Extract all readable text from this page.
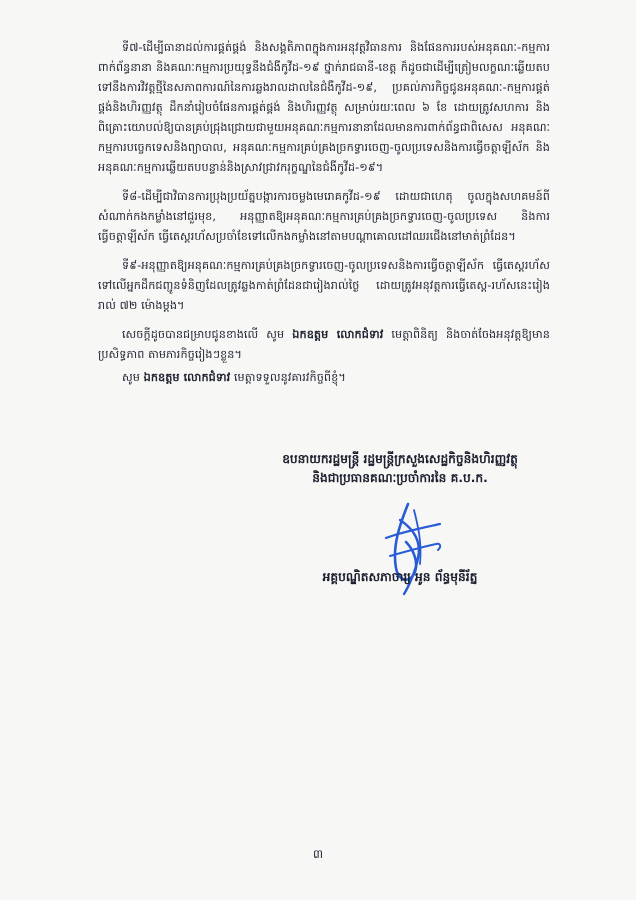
ទី៧-ដើម្បីធានាដល់ការផ្គត់ផ្គង់ និងសង្គតិភាពក្នុងការអនុវត្តវិធានការ និងផែនការរបស់អនុគណៈ-កម្មការពាក់ព័ន្ធនានា និងគណៈកម្មការប្រយុទ្ធនឹងជំងឺកូវីដ-១៩ ថ្នាក់រាជធានី-ខេត្ត ក៏ដូចជាដើម្បីត្រៀមលក្ខណៈឆ្លើយតបទៅនឹងការវិវត្តថ្មីនៃសភាពការណ៍នៃការឆ្លងរាលដាលនៃជំងឺកូវីដ-១៩, ប្រគល់ភារកិច្ចជូនអនុគណៈ-កម្មការផ្គត់ផ្គង់និងហិរញ្ញវត្ថុ ដឹកនាំរៀបចំផែនការផ្គត់ផ្គង់ និងហិរញ្ញវត្ថុ សម្រាប់រយៈពេល ៦ ខែ ដោយត្រូវសហការ និងពិគ្រោះយោបល់ឱ្យបានគ្រប់ជ្រុងជ្រោយជាមួយអនុគណៈកម្មការនានាដែលមានការពាក់ព័ន្ធជាពិសេស អនុគណៈកម្មការបច្ចេកទេសនិងព្យាបាល, អនុគណៈកម្មការគ្រប់គ្រងច្រកទ្វារចេញ-ចូលប្រទេសនិងការធ្វើចត្តាឡីស័ក និងអនុគណៈកម្មការឆ្លើយតបបន្ទាន់និងស្រាវជ្រាវករុក្ខណ្ឌនៃជំងឺកូវីដ-១៩។

ទី៨-ដើម្បីជាវិធានការប្រុងប្រយ័ត្នបង្ការការចម្លងមេរោគកូវីដ-១៩ ដោយជាហេតុ ចូលក្នុងសហគមន៍ពីសំណាក់កងកម្លាំងនៅជួរមុខ, អនុញ្ញាតឱ្យអនុគណៈកម្មការគ្រប់គ្រងច្រកទ្វារចេញ-ចូលប្រទេស និងការធ្វើចត្តាឡីស័ក ធ្វើតេស្តរហ័សប្រចាំខែទៅលើកងកម្លាំងនៅតាមបណ្តាគោលដៅឈរជើងនៅមាត់ព្រំដែន។

ទី៩-អនុញ្ញាតឱ្យអនុគណៈកម្មការគ្រប់គ្រងច្រកទ្វារចេញ-ចូលប្រទេសនិងការធ្វើចត្តាឡីស័ក ធ្វើតេស្តរហ័សទៅលើអ្នកដឹកជញ្ជូនទំនិញដែលត្រូវឆ្លងកាត់ព្រំដែនជារៀងរាល់ថ្ងៃ ដោយត្រូវអនុវត្តការធ្វើតេស្ត-រហ័សនេះរៀងរាល់ ៧២ ម៉ោងម្ដង។

សេចក្តីដូចបានជម្រាបជូនខាងលើ សូម ឯកឧត្តម លោកជំទាវ មេត្តាពិនិត្យ និងចាត់ចែងអនុវត្តឱ្យមានប្រសិទ្ធភាព តាមភារកិច្ចរៀងៗខ្លួន។

សូម ឯកឧត្តម លោកជំទាវ មេត្តាទទួលនូវគារវកិច្ចពីខ្ញុំ។

ឧបនាយករដ្ឋមន្ត្រី រដ្ឋមន្ត្រីក្រសួងសេដ្ឋកិច្ចនិងហិរញ្ញវត្ថុ

និងជាប្រធានគណៈប្រចាំការនៃ គ.ប.ក.

អគ្គបណ្ឌិតសភាចារ្យ អូន ព័ន្ធមុនីរ័ត្ន

៣
